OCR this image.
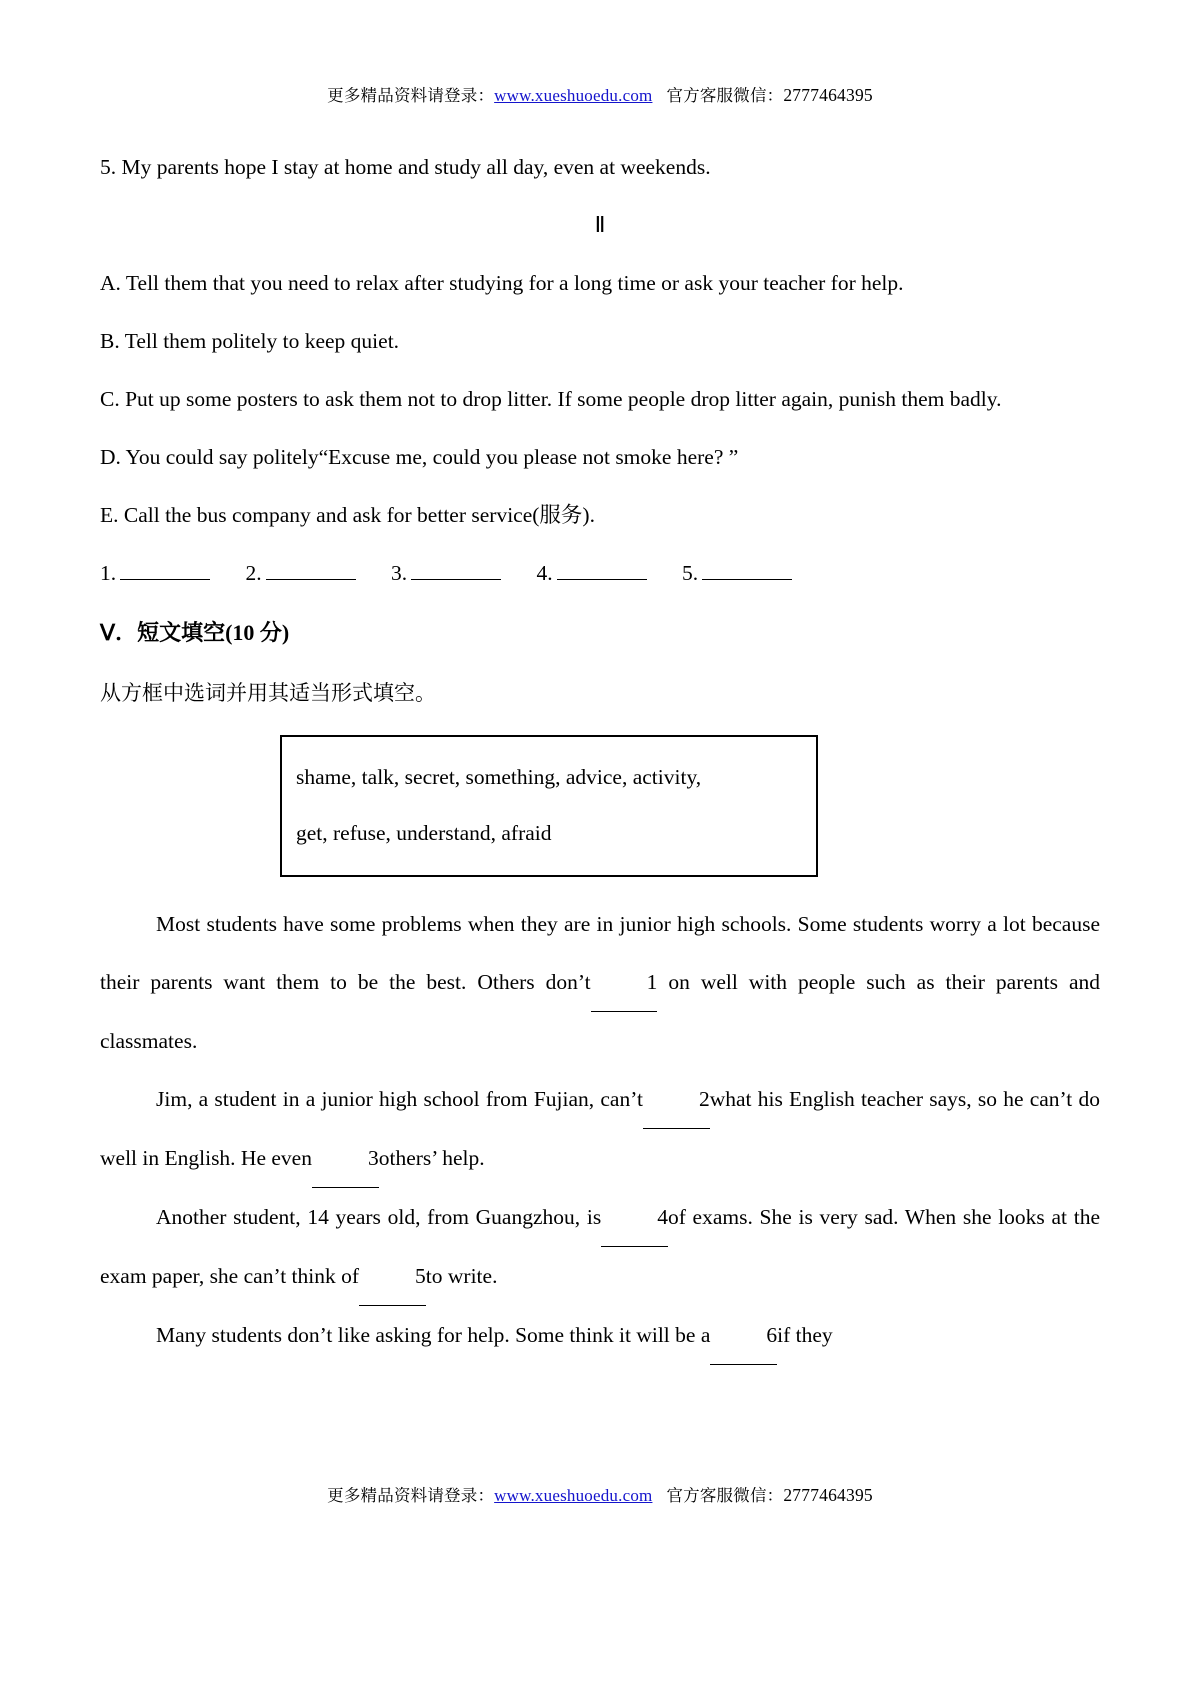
更多精品资料请登录：www.xueshuoedu.com 官方客服微信：2777464395

5. My parents hope I stay at home and study all day, even at weekends.

Ⅱ

A. Tell them that you need to relax after studying for a long time or ask your teacher for help.

B. Tell them politely to keep quiet.

C. Put up some posters to ask them not to drop litter. If some people drop litter again, punish them badly.

D. You could say politely“Excuse me, could you please not smoke here? ”

E. Call the bus company and ask for better service(服务).

1.	2.	3.	4.	5.

Ⅴ．短文填空(10 分)

从方框中选词并用其适当形式填空。

shame, talk, secret, something, advice, activity,
get, refuse, understand, afraid

Most students have some problems when they are in junior high schools. Some students worry a lot because their parents want them to be the best. Others don’t	1 on well with people such as their parents and classmates.

Jim, a student in a junior high school from Fujian, can’t	2what his English teacher says, so he can’t do well in English. He even	3others’ help.

Another student, 14 years old, from Guangzhou, is	4of exams. She is very sad. When she looks at the exam paper, she can’t think of	5to write.

Many students don’t like asking for help. Some think it will be a	6if they

更多精品资料请登录：www.xueshuoedu.com 官方客服微信：2777464395
